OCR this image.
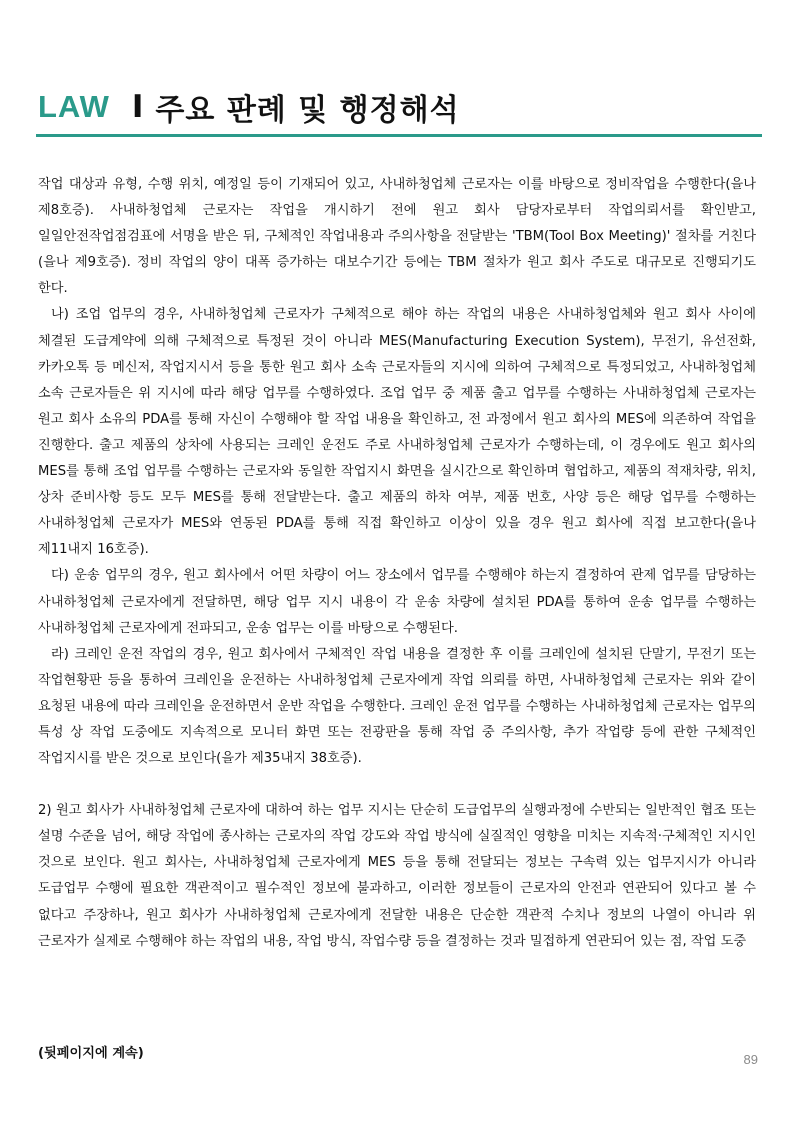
LAW I 주요 판례 및 행정해석

작업 대상과 유형, 수행 위치, 예정일 등이 기재되어 있고, 사내하청업체 근로자는 이를 바탕으로 정비작업을 수행한다(을나 제8호증). 사내하청업체 근로자는 작업을 개시하기 전에 원고 회사 담당자로부터 작업의뢰서를 확인받고, 일일안전작업점검표에 서명을 받은 뒤, 구체적인 작업내용과 주의사항을 전달받는 'TBM(Tool Box Meeting)' 절차를 거친다(을나 제9호증). 정비 작업의 양이 대폭 증가하는 대보수기간 등에는 TBM 절차가 원고 회사 주도로 대규모로 진행되기도 한다.

나) 조업 업무의 경우, 사내하청업체 근로자가 구체적으로 해야 하는 작업의 내용은 사내하청업체와 원고 회사 사이에 체결된 도급계약에 의해 구체적으로 특정된 것이 아니라 MES(Manufacturing Execution System), 무전기, 유선전화, 카카오톡 등 메신저, 작업지시서 등을 통한 원고 회사 소속 근로자들의 지시에 의하여 구체적으로 특정되었고, 사내하청업체 소속 근로자들은 위 지시에 따라 해당 업무를 수행하였다. 조업 업무 중 제품 출고 업무를 수행하는 사내하청업체 근로자는 원고 회사 소유의 PDA를 통해 자신이 수행해야 할 작업 내용을 확인하고, 전 과정에서 원고 회사의 MES에 의존하여 작업을 진행한다. 출고 제품의 상차에 사용되는 크레인 운전도 주로 사내하청업체 근로자가 수행하는데, 이 경우에도 원고 회사의 MES를 통해 조업 업무를 수행하는 근로자와 동일한 작업지시 화면을 실시간으로 확인하며 협업하고, 제품의 적재차량, 위치, 상차 준비사항 등도 모두 MES를 통해 전달받는다. 출고 제품의 하차 여부, 제품 번호, 사양 등은 해당 업무를 수행하는 사내하청업체 근로자가 MES와 연동된 PDA를 통해 직접 확인하고 이상이 있을 경우 원고 회사에 직접 보고한다(을나 제11내지 16호증).

다) 운송 업무의 경우, 원고 회사에서 어떤 차량이 어느 장소에서 업무를 수행해야 하는지 결정하여 관제 업무를 담당하는 사내하청업체 근로자에게 전달하면, 해당 업무 지시 내용이 각 운송 차량에 설치된 PDA를 통하여 운송 업무를 수행하는 사내하청업체 근로자에게 전파되고, 운송 업무는 이를 바탕으로 수행된다.

라) 크레인 운전 작업의 경우, 원고 회사에서 구체적인 작업 내용을 결정한 후 이를 크레인에 설치된 단말기, 무전기 또는 작업현황판 등을 통하여 크레인을 운전하는 사내하청업체 근로자에게 작업 의뢰를 하면, 사내하청업체 근로자는 위와 같이 요청된 내용에 따라 크레인을 운전하면서 운반 작업을 수행한다. 크레인 운전 업무를 수행하는 사내하청업체 근로자는 업무의 특성 상 작업 도중에도 지속적으로 모니터 화면 또는 전광판을 통해 작업 중 주의사항, 추가 작업량 등에 관한 구체적인 작업지시를 받은 것으로 보인다(을가 제35내지 38호증).

2) 원고 회사가 사내하청업체 근로자에 대하여 하는 업무 지시는 단순히 도급업무의 실행과정에 수반되는 일반적인 협조 또는 설명 수준을 넘어, 해당 작업에 종사하는 근로자의 작업 강도와 작업 방식에 실질적인 영향을 미치는 지속적·구체적인 지시인 것으로 보인다. 원고 회사는, 사내하청업체 근로자에게 MES 등을 통해 전달되는 정보는 구속력 있는 업무지시가 아니라 도급업무 수행에 필요한 객관적이고 필수적인 정보에 불과하고, 이러한 정보들이 근로자의 안전과 연관되어 있다고 볼 수 없다고 주장하나, 원고 회사가 사내하청업체 근로자에게 전달한 내용은 단순한 객관적 수치나 정보의 나열이 아니라 위 근로자가 실제로 수행해야 하는 작업의 내용, 작업 방식, 작업수량 등을 결정하는 것과 밀접하게 연관되어 있는 점, 작업 도중

(뒷페이지에 계속)	89
